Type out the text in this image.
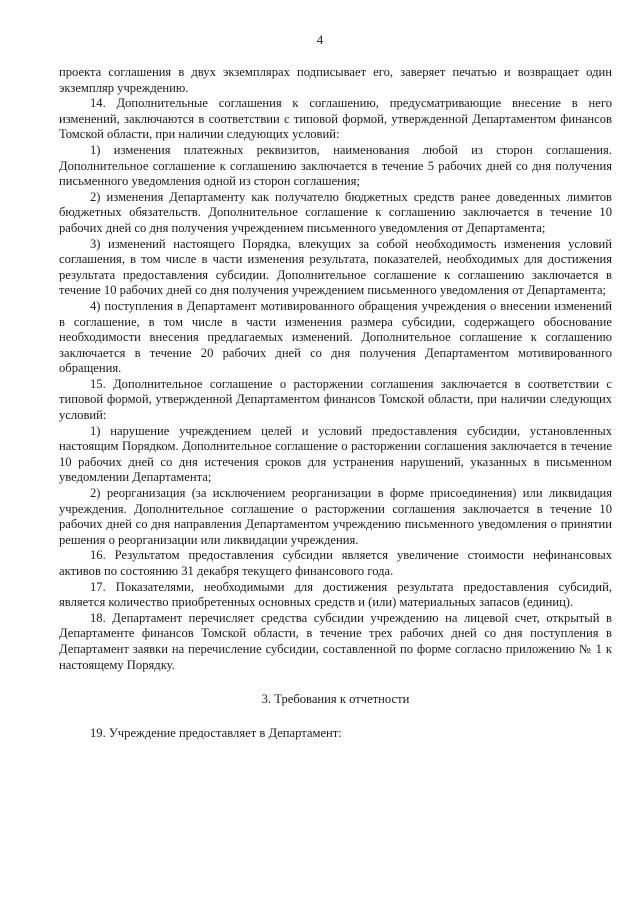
4

проекта соглашения в двух экземплярах подписывает его, заверяет печатью и возвращает один экземпляр учреждению.

14. Дополнительные соглашения к соглашению, предусматривающие внесение в него изменений, заключаются в соответствии с типовой формой, утвержденной Департаментом финансов Томской области, при наличии следующих условий:

1) изменения платежных реквизитов, наименования любой из сторон соглашения. Дополнительное соглашение к соглашению заключается в течение 5 рабочих дней со дня получения письменного уведомления одной из сторон соглашения;

2) изменения Департаменту как получателю бюджетных средств ранее доведенных лимитов бюджетных обязательств. Дополнительное соглашение к соглашению заключается в течение 10 рабочих дней со дня получения учреждением письменного уведомления от Департамента;

3) изменений настоящего Порядка, влекущих за собой необходимость изменения условий соглашения, в том числе в части изменения результата, показателей, необходимых для достижения результата предоставления субсидии. Дополнительное соглашение к соглашению заключается в течение 10 рабочих дней со дня получения учреждением письменного уведомления от Департамента;

4) поступления в Департамент мотивированного обращения учреждения о внесении изменений в соглашение, в том числе в части изменения размера субсидии, содержащего обоснование необходимости внесения предлагаемых изменений. Дополнительное соглашение к соглашению заключается в течение 20 рабочих дней со дня получения Департаментом мотивированного обращения.

15. Дополнительное соглашение о расторжении соглашения заключается в соответствии с типовой формой, утвержденной Департаментом финансов Томской области, при наличии следующих условий:

1) нарушение учреждением целей и условий предоставления субсидии, установленных настоящим Порядком. Дополнительное соглашение о расторжении соглашения заключается в течение 10 рабочих дней со дня истечения сроков для устранения нарушений, указанных в письменном уведомлении Департамента;

2) реорганизация (за исключением реорганизации в форме присоединения) или ликвидация учреждения. Дополнительное соглашение о расторжении соглашения заключается в течение 10 рабочих дней со дня направления Департаментом учреждению письменного уведомления о принятии решения о реорганизации или ликвидации учреждения.

16. Результатом предоставления субсидии является увеличение стоимости нефинансовых активов по состоянию 31 декабря текущего финансового года.

17. Показателями, необходимыми для достижения результата предоставления субсидий, является количество приобретенных основных средств и (или) материальных запасов (единиц).

18. Департамент перечисляет средства субсидии учреждению на лицевой счет, открытый в Департаменте финансов Томской области, в течение трех рабочих дней со дня поступления в Департамент заявки на перечисление субсидии, составленной по форме согласно приложению № 1 к настоящему Порядку.

3. Требования к отчетности

19. Учреждение предоставляет в Департамент:
